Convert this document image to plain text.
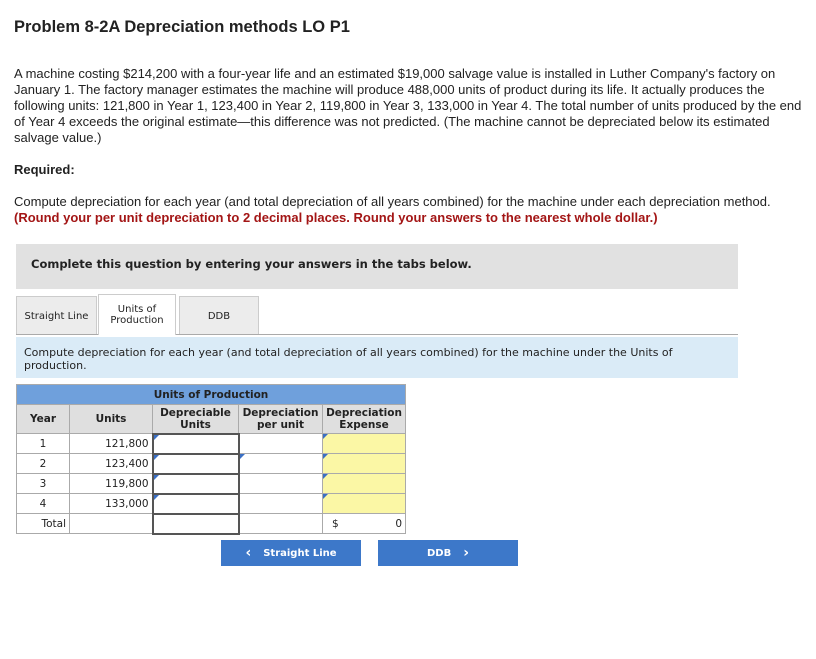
Problem 8-2A Depreciation methods LO P1
A machine costing $214,200 with a four-year life and an estimated $19,000 salvage value is installed in Luther Company's factory on January 1. The factory manager estimates the machine will produce 488,000 units of product during its life. It actually produces the following units: 121,800 in Year 1, 123,400 in Year 2, 119,800 in Year 3, 133,000 in Year 4. The total number of units produced by the end of Year 4 exceeds the original estimate—this difference was not predicted. (The machine cannot be depreciated below its estimated salvage value.)
Required:
Compute depreciation for each year (and total depreciation of all years combined) for the machine under each depreciation method. (Round your per unit depreciation to 2 decimal places. Round your answers to the nearest whole dollar.)
Complete this question by entering your answers in the tabs below.
Straight Line
Units of Production	DDB
Compute depreciation for each year (and total depreciation of all years combined) for the machine under the Units of production.
Units of Production				
Year	Units	Depreciable Units	Depreciation per unit	Depreciation Expense
1	121,800			
2	123,400			
3	119,800			
4	133,000			
Total				$ 0
‹ Straight Line	DDB ›
